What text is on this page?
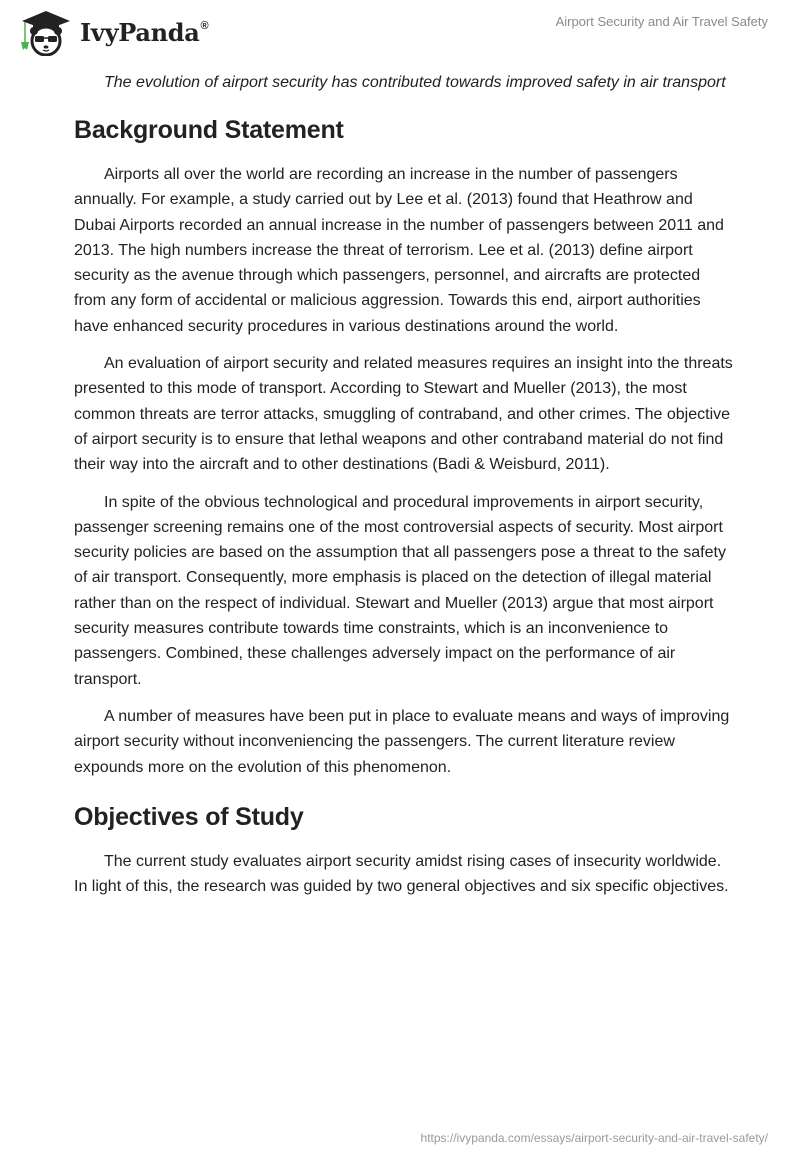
IvyPanda®	Airport Security and Air Travel Safety

The evolution of airport security has contributed towards improved safety in air transport

Background Statement

Airports all over the world are recording an increase in the number of passengers annually. For example, a study carried out by Lee et al. (2013) found that Heathrow and Dubai Airports recorded an annual increase in the number of passengers between 2011 and 2013. The high numbers increase the threat of terrorism. Lee et al. (2013) define airport security as the avenue through which passengers, personnel, and aircrafts are protected from any form of accidental or malicious aggression. Towards this end, airport authorities have enhanced security procedures in various destinations around the world.

An evaluation of airport security and related measures requires an insight into the threats presented to this mode of transport. According to Stewart and Mueller (2013), the most common threats are terror attacks, smuggling of contraband, and other crimes. The objective of airport security is to ensure that lethal weapons and other contraband material do not find their way into the aircraft and to other destinations (Badi & Weisburd, 2011).

In spite of the obvious technological and procedural improvements in airport security, passenger screening remains one of the most controversial aspects of security. Most airport security policies are based on the assumption that all passengers pose a threat to the safety of air transport. Consequently, more emphasis is placed on the detection of illegal material rather than on the respect of individual. Stewart and Mueller (2013) argue that most airport security measures contribute towards time constraints, which is an inconvenience to passengers. Combined, these challenges adversely impact on the performance of air transport.

A number of measures have been put in place to evaluate means and ways of improving airport security without inconveniencing the passengers. The current literature review expounds more on the evolution of this phenomenon.

Objectives of Study

The current study evaluates airport security amidst rising cases of insecurity worldwide. In light of this, the research was guided by two general objectives and six specific objectives.

https://ivypanda.com/essays/airport-security-and-air-travel-safety/
